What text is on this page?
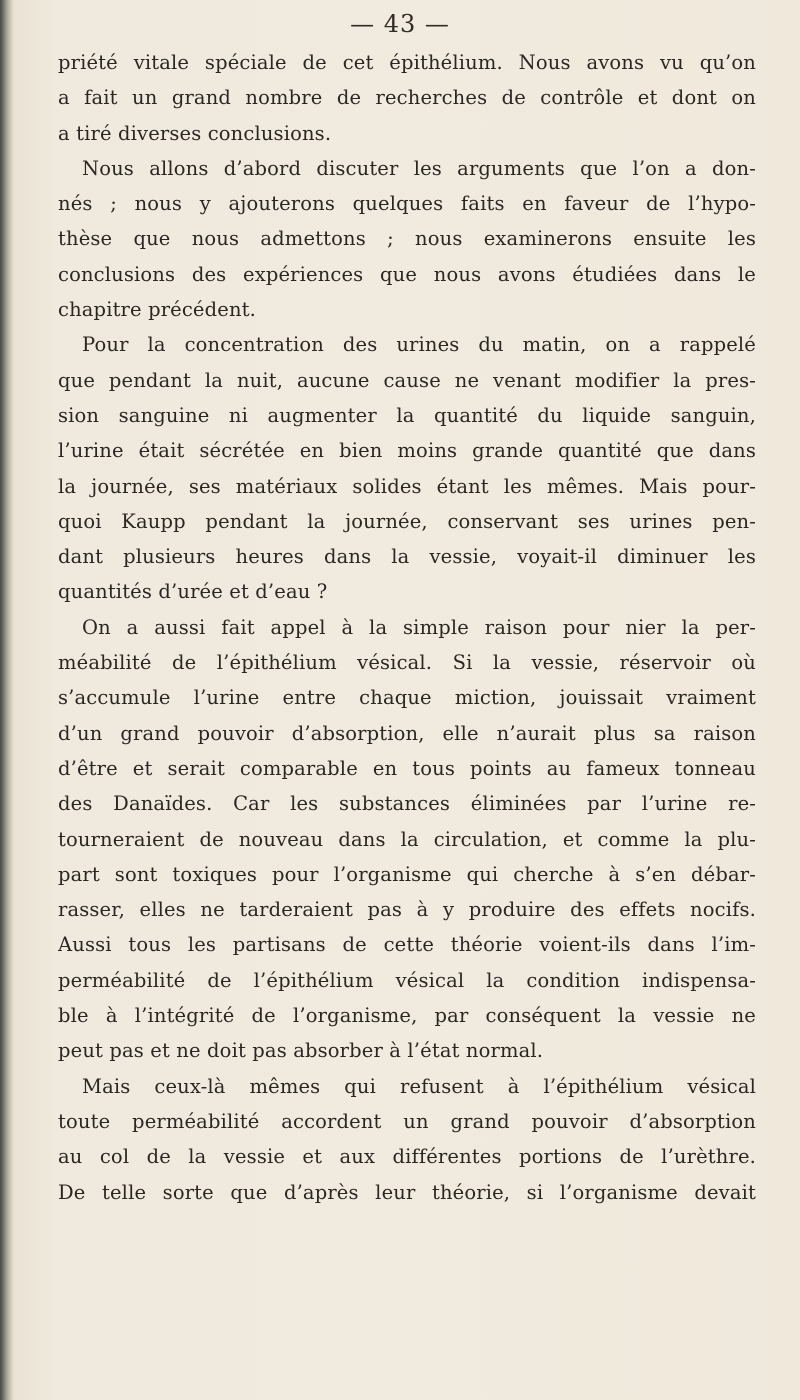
— 43 —
priété vitale spéciale de cet épithélium. Nous avons vu qu’on
a fait un grand nombre de recherches de contrôle et dont on
a tiré diverses conclusions.
Nous allons d’abord discuter les arguments que l’on a don-
nés ; nous y ajouterons quelques faits en faveur de l’hypo-
thèse que nous admettons ; nous examinerons ensuite les
conclusions des expériences que nous avons étudiées dans le
chapitre précédent.
Pour la concentration des urines du matin, on a rappelé
que pendant la nuit, aucune cause ne venant modifier la pres-
sion sanguine ni augmenter la quantité du liquide sanguin,
l’urine était sécrétée en bien moins grande quantité que dans
la journée, ses matériaux solides étant les mêmes. Mais pour-
quoi Kaupp pendant la journée, conservant ses urines pen-
dant plusieurs heures dans la vessie, voyait-il diminuer les
quantités d’urée et d’eau ?
On a aussi fait appel à la simple raison pour nier la per-
méabilité de l’épithélium vésical. Si la vessie, réservoir où
s’accumule l’urine entre chaque miction, jouissait vraiment
d’un grand pouvoir d’absorption, elle n’aurait plus sa raison
d’être et serait comparable en tous points au fameux tonneau
des Danaïdes. Car les substances éliminées par l’urine re-
tourneraient de nouveau dans la circulation, et comme la plu-
part sont toxiques pour l’organisme qui cherche à s’en débar-
rasser, elles ne tarderaient pas à y produire des effets nocifs.
Aussi tous les partisans de cette théorie voient-ils dans l’im-
perméabilité de l’épithélium vésical la condition indispensa-
ble à l’intégrité de l’organisme, par conséquent la vessie ne
peut pas et ne doit pas absorber à l’état normal.
Mais ceux-là mêmes qui refusent à l’épithélium vésical
toute perméabilité accordent un grand pouvoir d’absorption
au col de la vessie et aux différentes portions de l’urèthre.
De telle sorte que d’après leur théorie, si l’organisme devait
